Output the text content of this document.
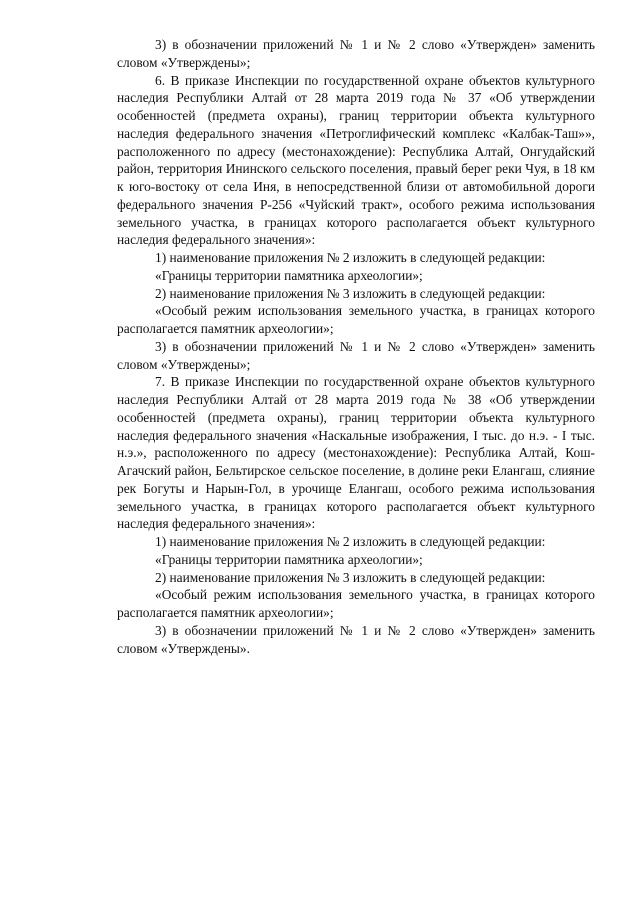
3) в обозначении приложений № 1 и № 2 слово «Утвержден» заменить словом «Утверждены»;

6. В приказе Инспекции по государственной охране объектов культурного наследия Республики Алтай от 28 марта 2019 года № 37 «Об утверждении особенностей (предмета охраны), границ территории объекта культурного наследия федерального значения «Петроглифический комплекс «Калбак-Таш»», расположенного по адресу (местонахождение): Республика Алтай, Онгудайский район, территория Ининского сельского поселения, правый берег реки Чуя, в 18 км к юго-востоку от села Иня, в непосредственной близи от автомобильной дороги федерального значения Р-256 «Чуйский тракт», особого режима использования земельного участка, в границах которого располагается объект культурного наследия федерального значения»:

1) наименование приложения № 2 изложить в следующей редакции:

«Границы территории памятника археологии»;

2) наименование приложения № 3 изложить в следующей редакции:

«Особый режим использования земельного участка, в границах которого располагается памятник археологии»;

3) в обозначении приложений № 1 и № 2 слово «Утвержден» заменить словом «Утверждены»;

7. В приказе Инспекции по государственной охране объектов культурного наследия Республики Алтай от 28 марта 2019 года № 38 «Об утверждении особенностей (предмета охраны), границ территории объекта культурного наследия федерального значения «Наскальные изображения, I тыс. до н.э. - I тыс. н.э.», расположенного по адресу (местонахождение): Республика Алтай, Кош-Агачский район, Бельтирское сельское поселение, в долине реки Елангаш, слияние рек Богуты и Нарын-Гол, в урочище Елангаш, особого режима использования земельного участка, в границах которого располагается объект культурного наследия федерального значения»:

1) наименование приложения № 2 изложить в следующей редакции:

«Границы территории памятника археологии»;

2) наименование приложения № 3 изложить в следующей редакции:

«Особый режим использования земельного участка, в границах которого располагается памятник археологии»;

3) в обозначении приложений № 1 и № 2 слово «Утвержден» заменить словом «Утверждены».
